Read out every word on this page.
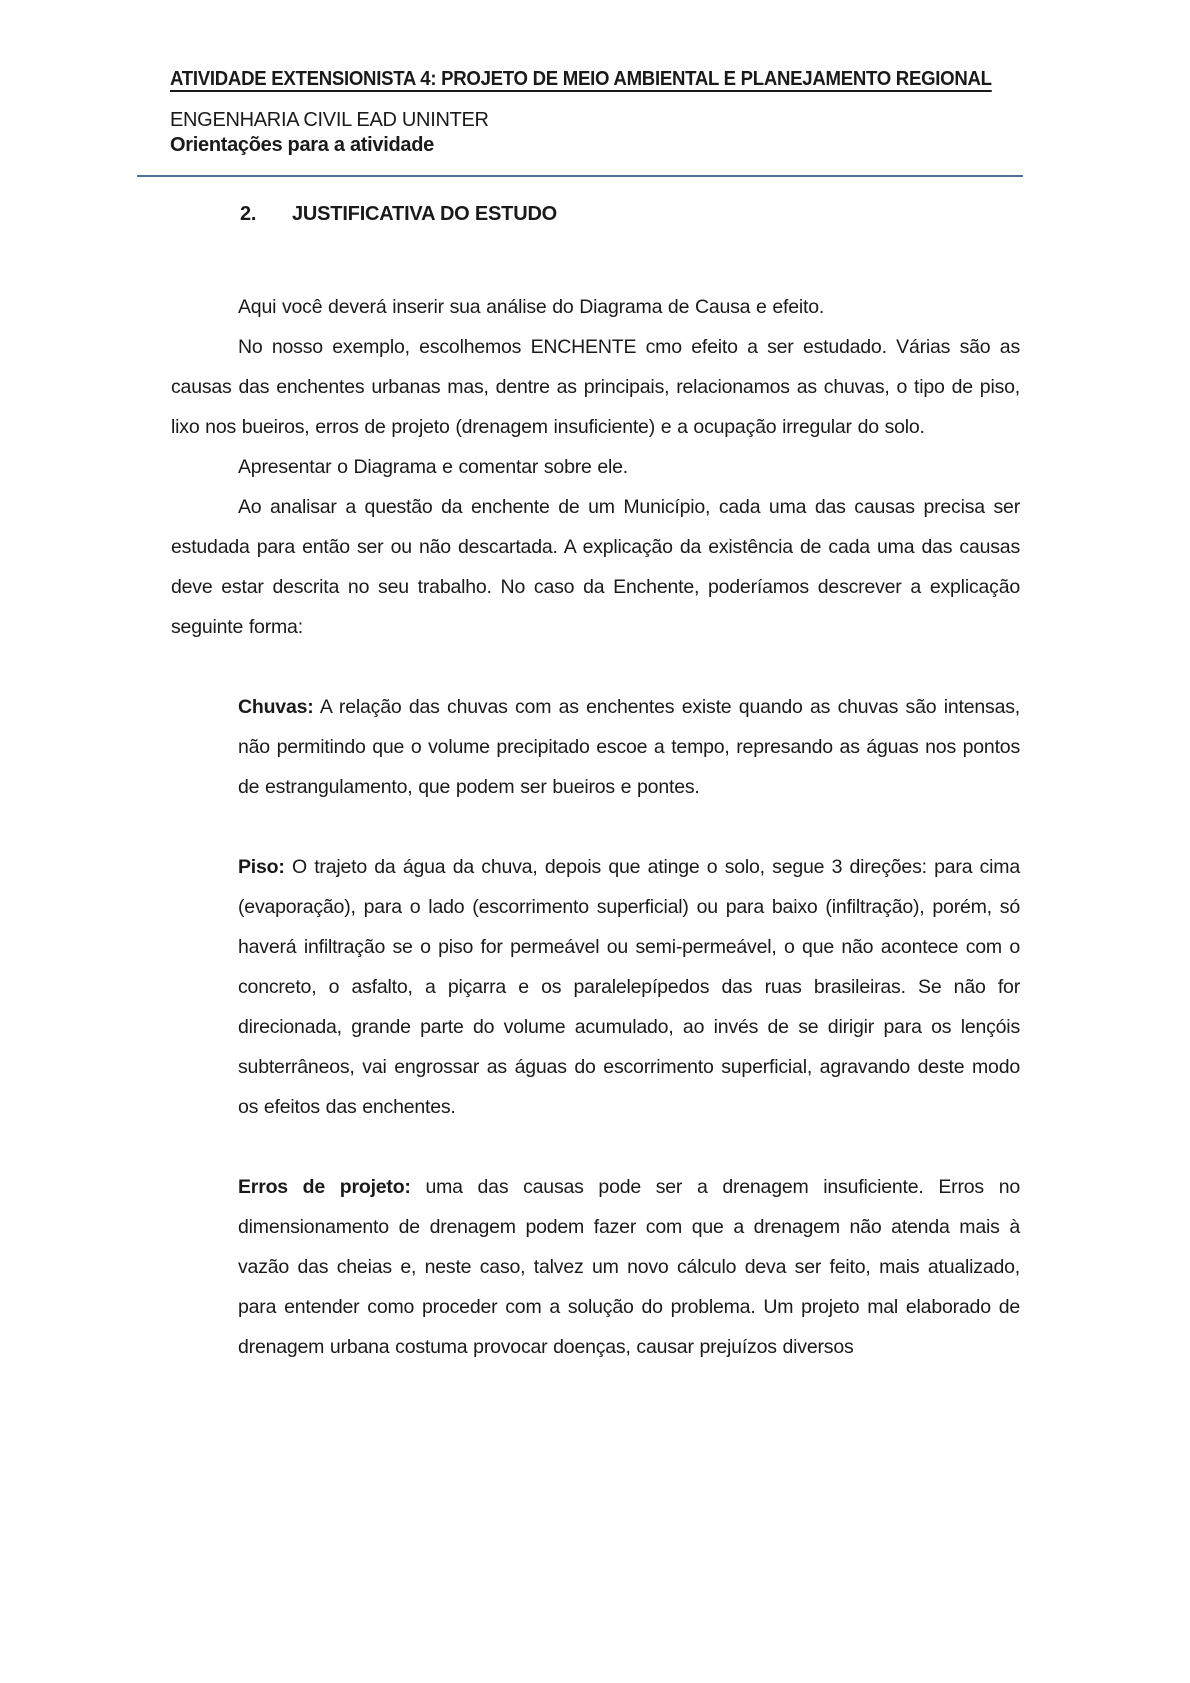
ATIVIDADE EXTENSIONISTA 4: PROJETO DE MEIO AMBIENTAL E PLANEJAMENTO REGIONAL
ENGENHARIA CIVIL EAD UNINTER
Orientações para a atividade
2. JUSTIFICATIVA DO ESTUDO

Aqui você deverá inserir sua análise do Diagrama de Causa e efeito.

No nosso exemplo, escolhemos ENCHENTE cmo efeito a ser estudado. Várias são as causas das enchentes urbanas mas, dentre as principais, relacionamos as chuvas, o tipo de piso, lixo nos bueiros, erros de projeto (drenagem insuficiente) e a ocupação irregular do solo.

Apresentar o Diagrama e comentar sobre ele.

Ao analisar a questão da enchente de um Município, cada uma das causas precisa ser estudada para então ser ou não descartada. A explicação da existência de cada uma das causas deve estar descrita no seu trabalho. No caso da Enchente, poderíamos descrever a explicação seguinte forma:

Chuvas: A relação das chuvas com as enchentes existe quando as chuvas são intensas, não permitindo que o volume precipitado escoe a tempo, represando as águas nos pontos de estrangulamento, que podem ser bueiros e pontes.
Piso: O trajeto da água da chuva, depois que atinge o solo, segue 3 direções: para cima (evaporação), para o lado (escorrimento superficial) ou para baixo (infiltração), porém, só haverá infiltração se o piso for permeável ou semi-permeável, o que não acontece com o concreto, o asfalto, a piçarra e os paralelepípedos das ruas brasileiras. Se não for direcionada, grande parte do volume acumulado, ao invés de se dirigir para os lençóis subterrâneos, vai engrossar as águas do escorrimento superficial, agravando deste modo os efeitos das enchentes.
Erros de projeto: uma das causas pode ser a drenagem insuficiente. Erros no dimensionamento de drenagem podem fazer com que a drenagem não atenda mais à vazão das cheias e, neste caso, talvez um novo cálculo deva ser feito, mais atualizado, para entender como proceder com a solução do problema. Um projeto mal elaborado de drenagem urbana costuma provocar doenças, causar prejuízos diversos
